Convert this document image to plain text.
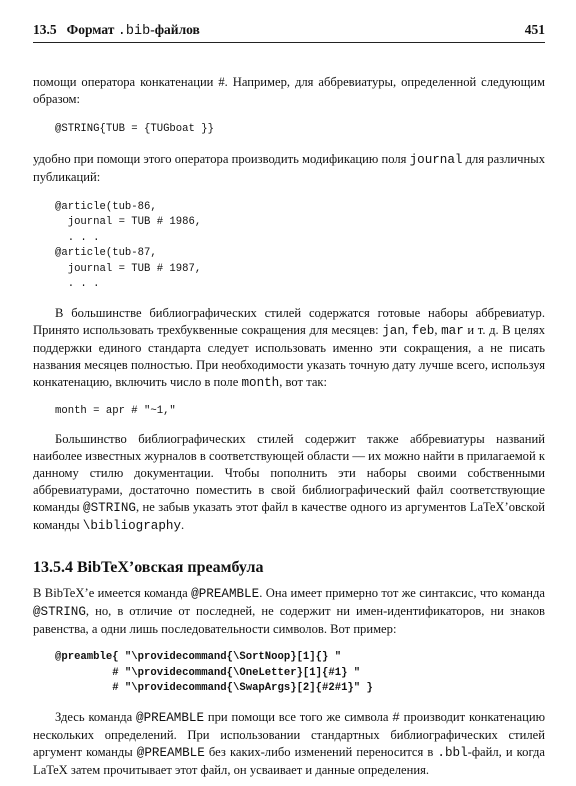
13.5 Формат .bib-файлов	451

помощи оператора конкатенации #. Например, для аббревиатуры, определенной следующим образом:

@STRING{TUB = {TUGboat }}

удобно при помощи этого оператора производить модификацию поля journal для различных публикаций:

@article(tub-86,
journal = TUB # 1986,
. . .
@article(tub-87,
journal = TUB # 1987,
. . .

В большинстве библиографических стилей содержатся готовые наборы аббревиатур. Принято использовать трехбуквенные сокращения для месяцев: jan, feb, mar и т. д. В целях поддержки единого стандарта следует использовать именно эти сокращения, а не писать названия месяцев полностью. При необходимости указать точную дату лучше всего, используя конкатенацию, включить число в поле month, вот так:

month = apr # "~1,"

Большинство библиографических стилей содержит также аббревиатуры названий наиболее известных журналов в соответствующей области — их можно найти в прилагаемой к данному стилю документации. Чтобы пополнить эти наборы своими собственными аббревиатурами, достаточно поместить в свой библиографический файл соответствующие команды @STRING, не забыв указать этот файл в качестве одного из аргументов LaTeX’овской команды \bibliography.

13.5.4 BibTeX’овская преамбула

В BibTeX’е имеется команда @PREAMBLE. Она имеет примерно тот же синтаксис, что команда @STRING, но, в отличие от последней, не содержит ни имен-идентификаторов, ни знаков равенства, а одни лишь последовательности символов. Вот пример:

@preamble{ "\providecommand{\SortNoop}[1]{} "
# "\providecommand{\OneLetter}[1]{#1} "
# "\providecommand{\SwapArgs}[2]{#2#1}" }

Здесь команда @PREAMBLE при помощи все того же символа # производит конкатенацию нескольких определений. При использовании стандартных библиографических стилей аргумент команды @PREAMBLE без каких-либо изменений переносится в .bbl-файл, и когда LaTeX затем прочитывает этот файл, он усваивает и данные определения.
